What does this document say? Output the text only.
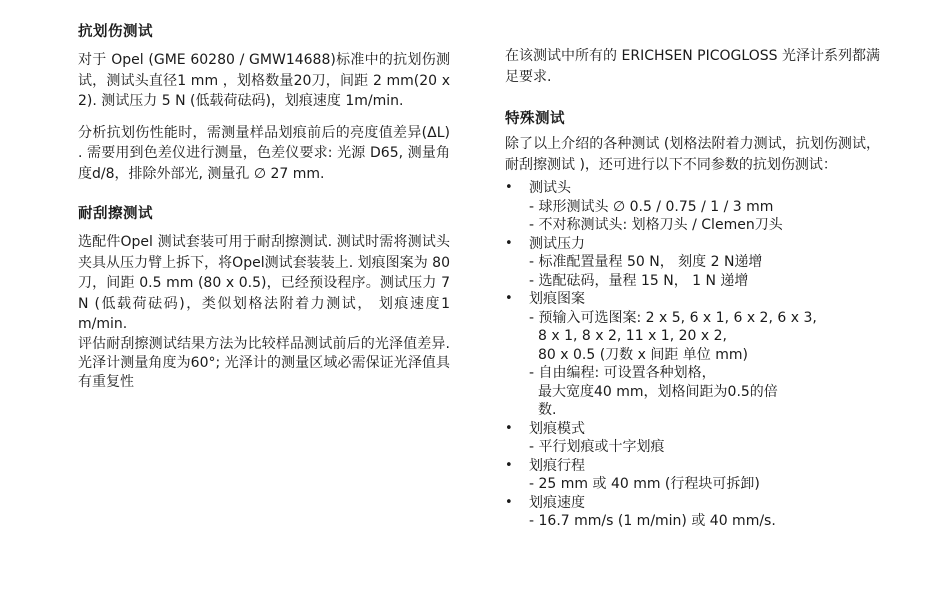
抗划伤测试

对于 Opel (GME 60280 / GMW14688)标准中的抗划伤测试，测试头直径1 mm ，划格数量20刀，间距 2 mm(20 x 2). 测试压力 5 N (低载荷砝码)，划痕速度 1m/min.

分析抗划伤性能时，需测量样品划痕前后的亮度值差异(ΔL) . 需要用到色差仪进行测量，色差仪要求: 光源 D65, 测量角度d/8，排除外部光, 测量孔 ∅ 27 mm.

耐刮擦测试

选配件Opel 测试套装可用于耐刮擦测试. 测试时需将测试头夹具从压力臂上拆下，将Opel测试套装装上. 划痕图案为 80 刀，间距 0.5 mm (80 x 0.5)，已经预设程序。测试压力 7 N (低载荷砝码)，类似划格法附着力测试， 划痕速度1 m/min.

评估耐刮擦测试结果方法为比较样品测试前后的光泽值差异.光泽计测量角度为60°; 光泽计的测量区域必需保证光泽值具有重复性

在该测试中所有的 ERICHSEN PICOGLOSS 光泽计系列都满足要求.

特殊测试

除了以上介绍的各种测试 (划格法附着力测试，抗划伤测试，耐刮擦测试 )，还可进行以下不同参数的抗划伤测试：

• 测试头
- 球形测试头 ∅ 0.5 / 0.75 / 1 / 3 mm
- 不对称测试头: 划格刀头 / Clemen刀头
• 测试压力
- 标准配置量程 50 N， 刻度 2 N递增
- 选配砝码，量程 15 N， 1 N 递增
• 划痕图案
- 预输入可选图案: 2 x 5, 6 x 1, 6 x 2, 6 x 3,
8 x 1, 8 x 2, 11 x 1, 20 x 2,
80 x 0.5 (刀数 x 间距 单位 mm)
- 自由编程: 可设置各种划格，
最大宽度40 mm，划格间距为0.5的倍
数.
• 划痕模式
- 平行划痕或十字划痕
• 划痕行程
- 25 mm 或 40 mm (行程块可拆卸)
• 划痕速度
- 16.7 mm/s (1 m/min) 或 40 mm/s.
